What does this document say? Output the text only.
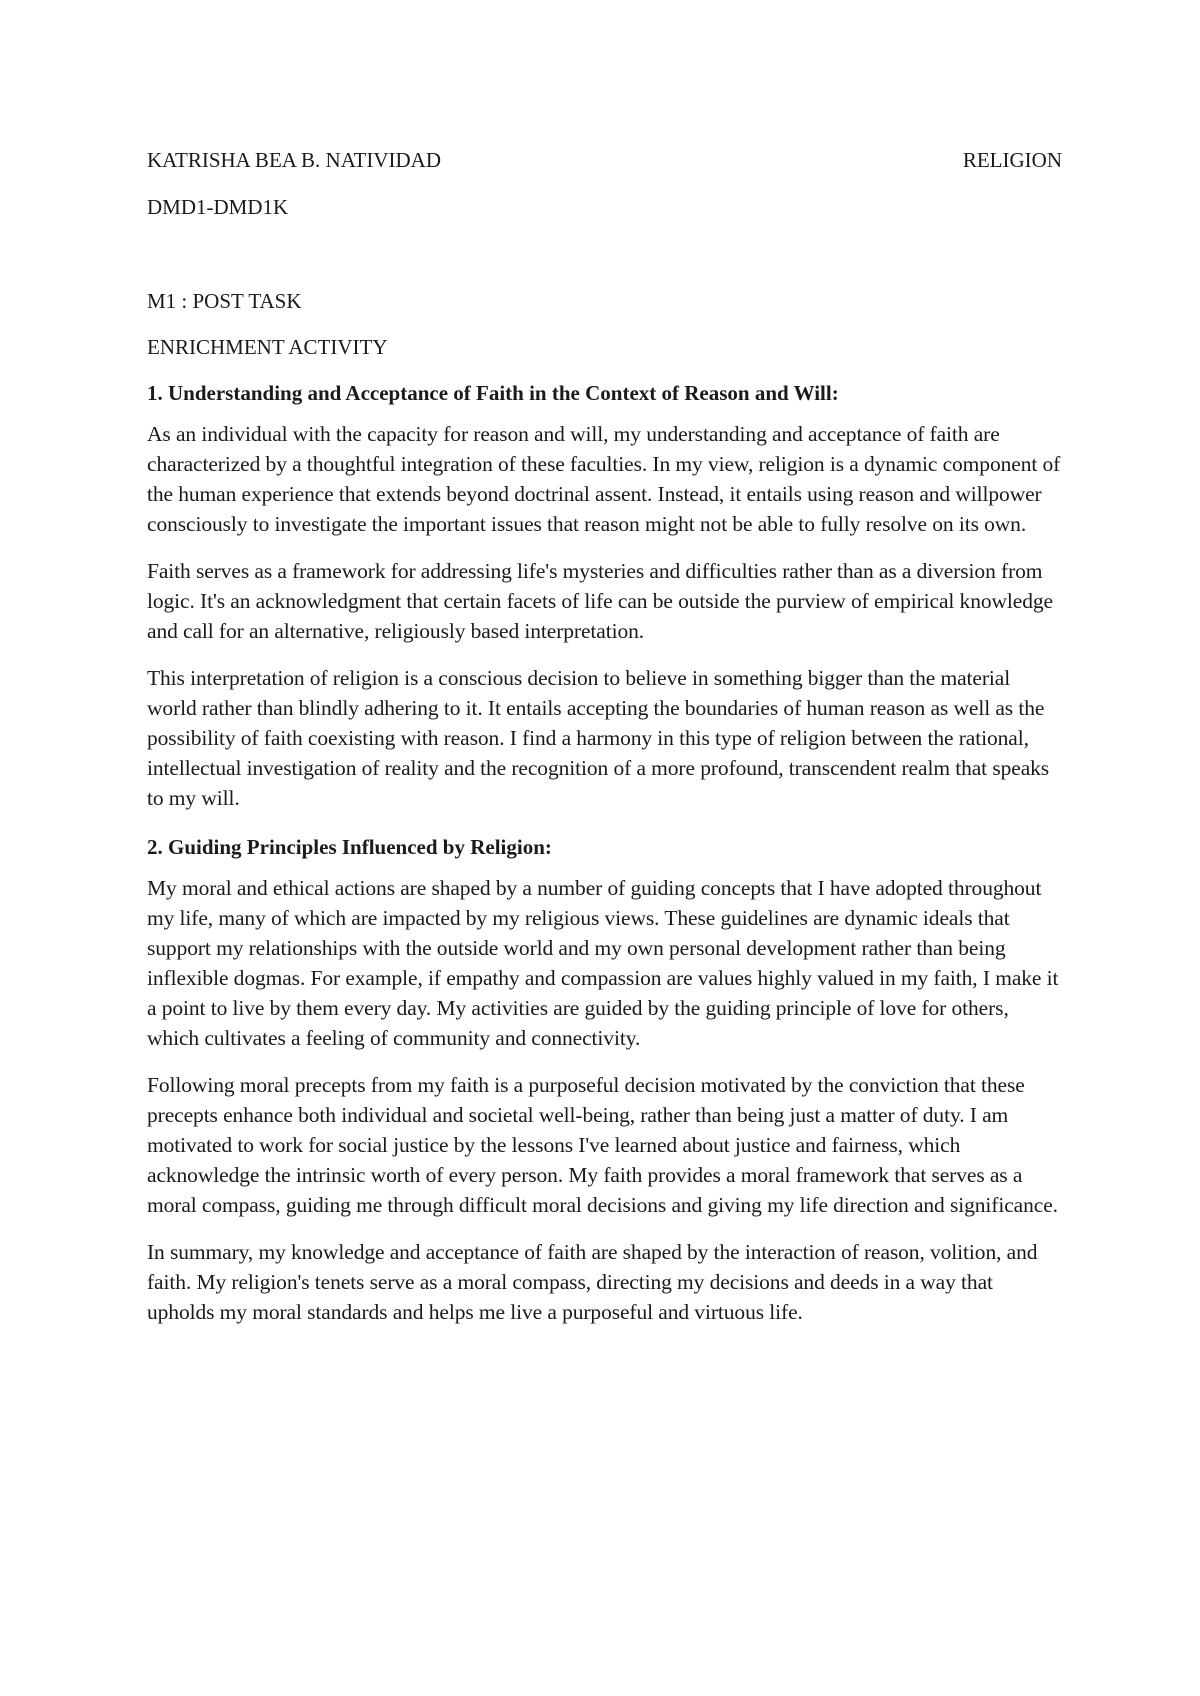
KATRISHA BEA B. NATIVIDAD	RELIGION

DMD1-DMD1K

M1 : POST TASK

ENRICHMENT ACTIVITY

1. Understanding and Acceptance of Faith in the Context of Reason and Will:

As an individual with the capacity for reason and will, my understanding and acceptance of faith are characterized by a thoughtful integration of these faculties. In my view, religion is a dynamic component of the human experience that extends beyond doctrinal assent. Instead, it entails using reason and willpower consciously to investigate the important issues that reason might not be able to fully resolve on its own.

Faith serves as a framework for addressing life's mysteries and difficulties rather than as a diversion from logic. It's an acknowledgment that certain facets of life can be outside the purview of empirical knowledge and call for an alternative, religiously based interpretation.

This interpretation of religion is a conscious decision to believe in something bigger than the material world rather than blindly adhering to it. It entails accepting the boundaries of human reason as well as the possibility of faith coexisting with reason. I find a harmony in this type of religion between the rational, intellectual investigation of reality and the recognition of a more profound, transcendent realm that speaks to my will.

2. Guiding Principles Influenced by Religion:

My moral and ethical actions are shaped by a number of guiding concepts that I have adopted throughout my life, many of which are impacted by my religious views. These guidelines are dynamic ideals that support my relationships with the outside world and my own personal development rather than being inflexible dogmas. For example, if empathy and compassion are values highly valued in my faith, I make it a point to live by them every day. My activities are guided by the guiding principle of love for others, which cultivates a feeling of community and connectivity.

Following moral precepts from my faith is a purposeful decision motivated by the conviction that these precepts enhance both individual and societal well-being, rather than being just a matter of duty. I am motivated to work for social justice by the lessons I've learned about justice and fairness, which acknowledge the intrinsic worth of every person. My faith provides a moral framework that serves as a moral compass, guiding me through difficult moral decisions and giving my life direction and significance.

In summary, my knowledge and acceptance of faith are shaped by the interaction of reason, volition, and faith. My religion's tenets serve as a moral compass, directing my decisions and deeds in a way that upholds my moral standards and helps me live a purposeful and virtuous life.
